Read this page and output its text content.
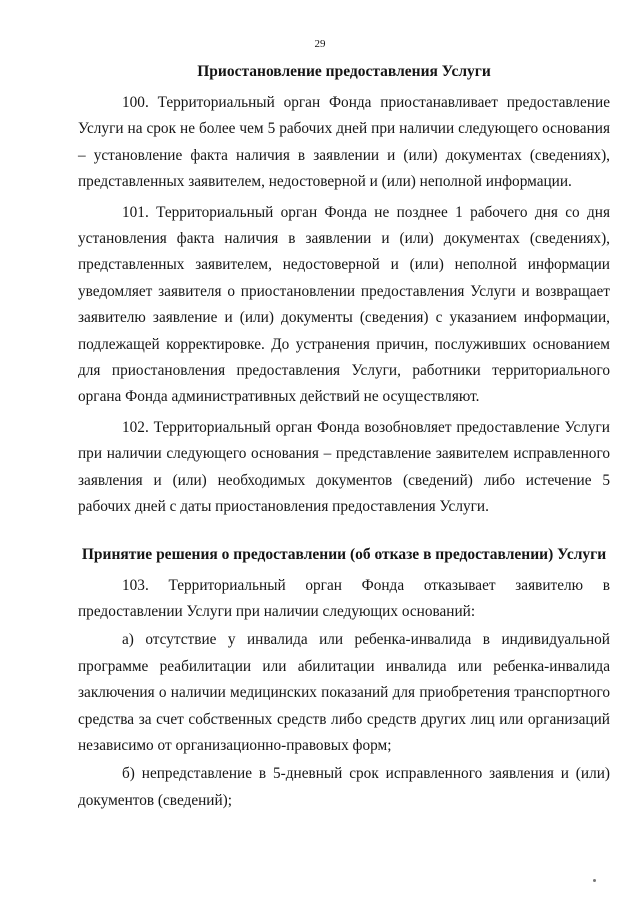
29

Приостановление предоставления Услуги

100. Территориальный орган Фонда приостанавливает предоставление Услуги на срок не более чем 5 рабочих дней при наличии следующего основания – установление факта наличия в заявлении и (или) документах (сведениях), представленных заявителем, недостоверной и (или) неполной информации.

101. Территориальный орган Фонда не позднее 1 рабочего дня со дня установления факта наличия в заявлении и (или) документах (сведениях), представленных заявителем, недостоверной и (или) неполной информации уведомляет заявителя о приостановлении предоставления Услуги и возвращает заявителю заявление и (или) документы (сведения) с указанием информации, подлежащей корректировке. До устранения причин, послуживших основанием для приостановления предоставления Услуги, работники территориального органа Фонда административных действий не осуществляют.

102. Территориальный орган Фонда возобновляет предоставление Услуги при наличии следующего основания – представление заявителем исправленного заявления и (или) необходимых документов (сведений) либо истечение 5 рабочих дней с даты приостановления предоставления Услуги.

Принятие решения о предоставлении (об отказе в предоставлении) Услуги

103. Территориальный орган Фонда отказывает заявителю в предоставлении Услуги при наличии следующих оснований:

а) отсутствие у инвалида или ребенка-инвалида в индивидуальной программе реабилитации или абилитации инвалида или ребенка-инвалида заключения о наличии медицинских показаний для приобретения транспортного средства за счет собственных средств либо средств других лиц или организаций независимо от организационно-правовых форм;

б) непредставление в 5-дневный срок исправленного заявления и (или) документов (сведений);
